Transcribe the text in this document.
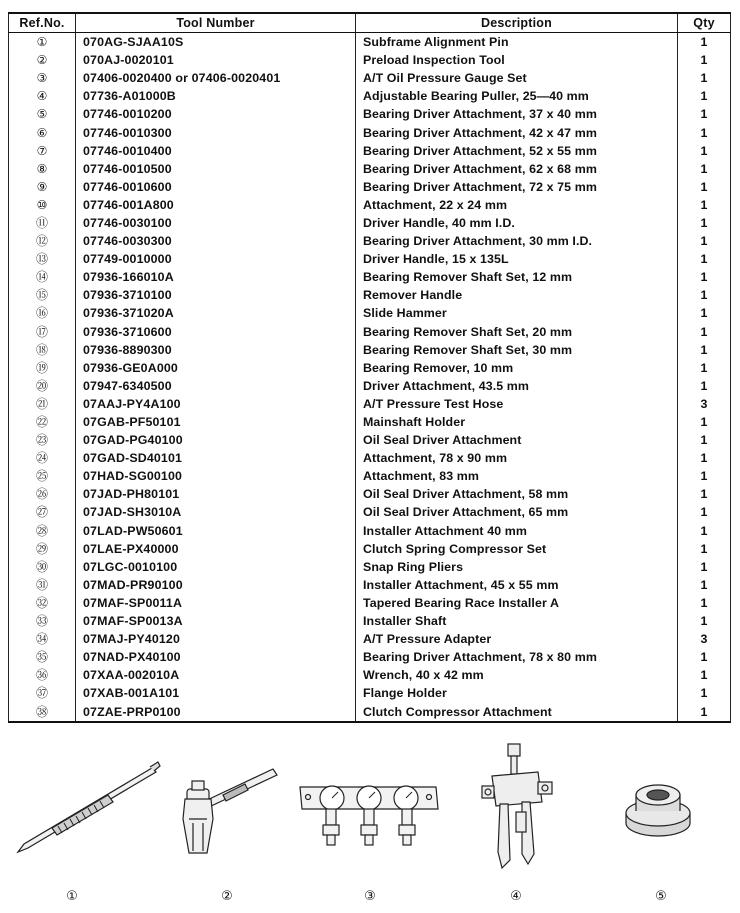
Ref.No.	Tool Number	Description	Qty
①	070AG-SJAA10S	Subframe Alignment Pin	1
②	070AJ-0020101	Preload Inspection Tool	1
③	07406-0020400 or 07406-0020401	A/T Oil Pressure Gauge Set	1
④	07736-A01000B	Adjustable Bearing Puller, 25—40 mm	1
⑤	07746-0010200	Bearing Driver Attachment, 37 x 40 mm	1
⑥	07746-0010300	Bearing Driver Attachment, 42 x 47 mm	1
⑦	07746-0010400	Bearing Driver Attachment, 52 x 55 mm	1
⑧	07746-0010500	Bearing Driver Attachment, 62 x 68 mm	1
⑨	07746-0010600	Bearing Driver Attachment, 72 x 75 mm	1
⑩	07746-001A800	Attachment, 22 x 24 mm	1
⑪	07746-0030100	Driver Handle, 40 mm I.D.	1
⑫	07746-0030300	Bearing Driver Attachment, 30 mm I.D.	1
⑬	07749-0010000	Driver Handle, 15 x 135L	1
⑭	07936-166010A	Bearing Remover Shaft Set, 12 mm	1
⑮	07936-3710100	Remover Handle	1
⑯	07936-371020A	Slide Hammer	1
⑰	07936-3710600	Bearing Remover Shaft Set, 20 mm	1
⑱	07936-8890300	Bearing Remover Shaft Set, 30 mm	1
⑲	07936-GE0A000	Bearing Remover, 10 mm	1
⑳	07947-6340500	Driver Attachment, 43.5 mm	1
㉑	07AAJ-PY4A100	A/T Pressure Test Hose	3
㉒	07GAB-PF50101	Mainshaft Holder	1
㉓	07GAD-PG40100	Oil Seal Driver Attachment	1
㉔	07GAD-SD40101	Attachment, 78 x 90 mm	1
㉕	07HAD-SG00100	Attachment, 83 mm	1
㉖	07JAD-PH80101	Oil Seal Driver Attachment, 58 mm	1
㉗	07JAD-SH3010A	Oil Seal Driver Attachment, 65 mm	1
㉘	07LAD-PW50601	Installer Attachment 40 mm	1
㉙	07LAE-PX40000	Clutch Spring Compressor Set	1
㉚	07LGC-0010100	Snap Ring Pliers	1
㉛	07MAD-PR90100	Installer Attachment, 45 x 55 mm	1
㉜	07MAF-SP0011A	Tapered Bearing Race Installer A	1
㉝	07MAF-SP0013A	Installer Shaft	1
㉞	07MAJ-PY40120	A/T Pressure Adapter	3
㉟	07NAD-PX40100	Bearing Driver Attachment, 78 x 80 mm	1
㊱	07XAA-002010A	Wrench, 40 x 42 mm	1
㊲	07XAB-001A101	Flange Holder	1
㊳	07ZAE-PRP0100	Clutch Compressor Attachment	1
①	②	③	④	⑤
